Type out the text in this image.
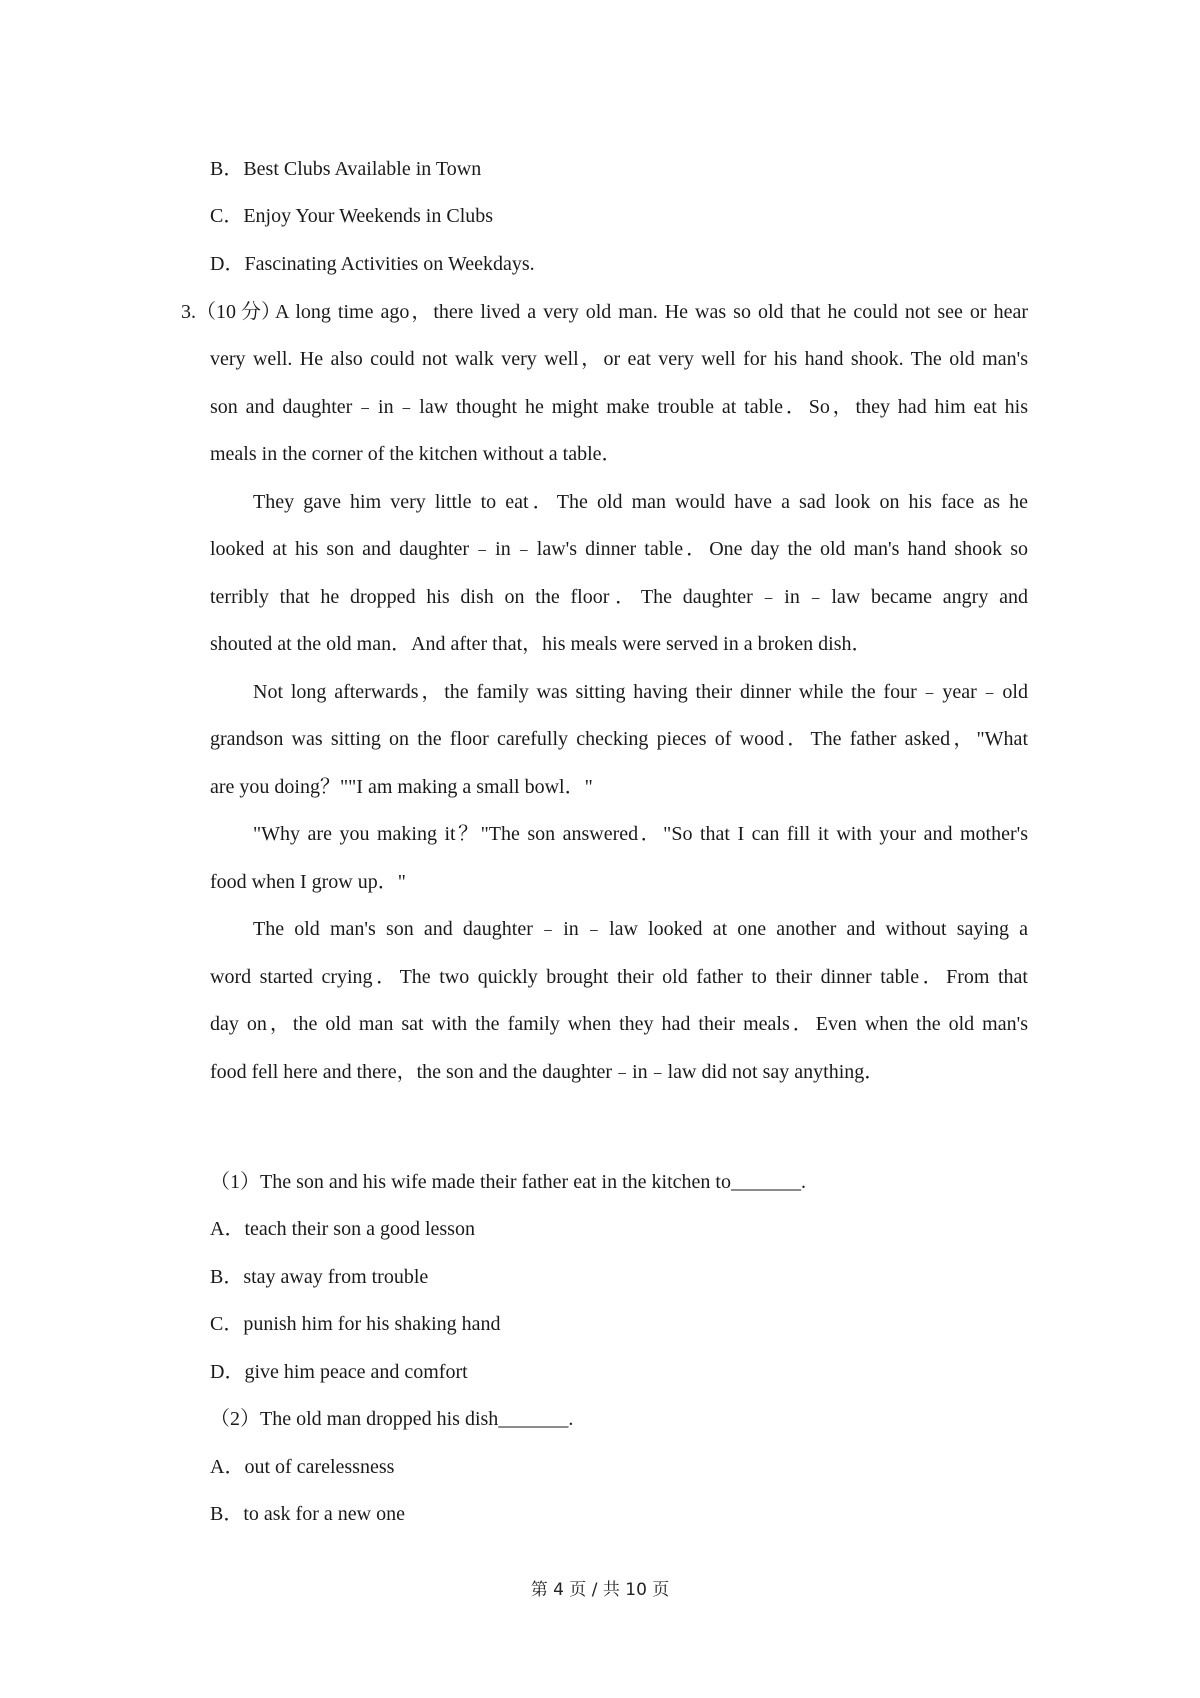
B．Best Clubs Available in Town
C．Enjoy Your Weekends in Clubs
D．Fascinating Activities on Weekdays.
3.（10 分）
A long time ago，there lived a very old man. He was so old that he could not see or hear
very well. He also could not walk very well，or eat very well for his hand shook. The old man's
son and daughter﹣in﹣law thought he might make trouble at table．So，they had him eat his
meals in the corner of the kitchen without a table．
They gave him very little to eat．The old man would have a sad look on his face as he
looked at his son and daughter﹣in﹣law's dinner table．One day the old man's hand shook so
terribly that he dropped his dish on the floor．The daughter﹣in﹣law became angry and
shouted at the old man．And after that，his meals were served in a broken dish．
Not long afterwards，the family was sitting having their dinner while the four﹣year﹣old
grandson was sitting on the floor carefully checking pieces of wood．The father asked，"What
are you doing？""I am making a small bowl．"
"Why are you making it？"The son answered．"So that I can fill it with your and mother's
food when I grow up．"
The old man's son and daughter﹣in﹣law looked at one another and without saying a
word started crying．The two quickly brought their old father to their dinner table．From that
day on，the old man sat with the family when they had their meals．Even when the old man's
food fell here and there，the son and the daughter﹣in﹣law did not say anything．
（1）The son and his wife made their father eat in the kitchen to_______.
A．teach their son a good lesson
B．stay away from trouble
C．punish him for his shaking hand
D．give him peace and comfort
（2）The old man dropped his dish_______.
A．out of carelessness
B．to ask for a new one
第 4 页 / 共 10 页
